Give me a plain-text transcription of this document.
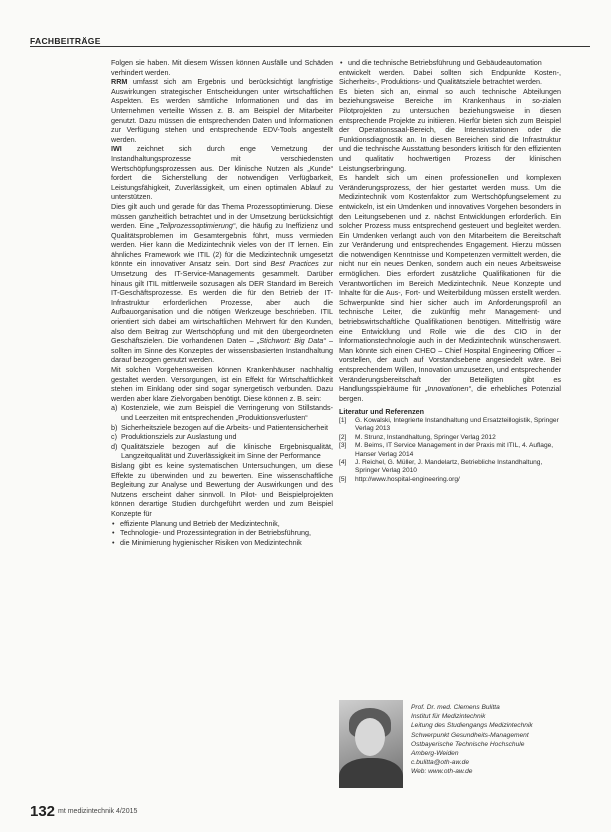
FACHBEITRÄGE

Folgen sie haben. Mit diesem Wissen können Ausfälle und Schäden verhindert werden.

RRM umfasst sich am Ergebnis und berücksichtigt langfristige Auswirkungen strategischer Entscheidungen unter wirtschaftlichen Aspekten. Es werden sämtliche Informationen und das im Unternehmen verteilte Wissen z. B. am Beispiel der Mitarbeiter genutzt. Dazu müssen die entsprechenden Daten und Informationen zur Verfügung stehen und entsprechende EDV-Tools angestellt werden.

IWI zeichnet sich durch enge Vernetzung der Instandhaltungsprozesse mit verschiedensten Wertschöpfungsprozessen aus. Der klinische Nutzen als „Kunde“ fordert die Sicherstellung der notwendigen Verfügbarkeit, Leistungsfähigkeit, Zuverlässigkeit, um einen optimalen Ablauf zu unterstützen.

Dies gilt auch und gerade für das Thema Prozessoptimierung. Diese müssen ganzheitlich betrachtet und in der Umsetzung berücksichtigt werden. Eine „Teilprozessoptimierung“, die häufig zu Ineffizienz und Qualitätsproblemen im Gesamtergebnis führt, muss vermieden werden. Hier kann die Medizintechnik vieles von der IT lernen. Ein ähnliches Framework wie ITIL (2) für die Medizintechnik umgesetzt könnte ein innovativer Ansatz sein. Dort sind Best Practices zur Umsetzung des IT-Service-Managements gesammelt. Darüber hinaus gilt ITIL mittlerweile sozusagen als DER Standard im Bereich IT-Geschäftsprozesse. Es werden die für den Betrieb der IT-Infrastruktur erforderlichen Prozesse, aber auch die Aufbauorganisation und die nötigen Werkzeuge beschrieben. ITIL orientiert sich dabei am wirtschaftlichen Mehrwert für den Kunden, also dem Beitrag zur Wertschöpfung und mit den übergeordneten Geschäftszielen. Die vorhandenen Daten – „Stichwort: Big Data“ – sollten im Sinne des Konzeptes der wissensbasierten Instandhaltung darauf bezogen genutzt werden.

Mit solchen Vorgehensweisen können Krankenhäuser nachhaltig gestaltet werden. Versorgungen, ist ein Effekt für Wirtschaftlichkeit stehen im Einklang oder sind sogar synergetisch verbunden. Dazu werden aber klare Zielvorgaben benötigt. Diese können z. B. sein:

a) Kostenziele, wie zum Beispiel die Verringerung von Stillstands- und Leerzeiten mit entsprechenden „Produktionsverlusten“
b) Sicherheitsziele bezogen auf die Arbeits- und Patientensicherheit
c) Produktionsziels zur Auslastung und
d) Qualitätsziele bezogen auf die klinische Ergebnisqualität, Langzeitqualität und Zuverlässigkeit im Sinne der Performance

Bislang gibt es keine systematischen Untersuchungen, um diese Effekte zu überwinden und zu bewerten. Eine wissenschaftliche Begleitung zur Analyse und Bewertung der Auswirkungen und des Nutzens erscheint daher sinnvoll. In Pilot- und Beispielprojekten können derartige Studien durchgeführt werden und zum Beispiel Konzepte für

• effiziente Planung und Betrieb der Medizintechnik,
• Technologie- und Prozessintegration in der Betriebsführung,
• die Minimierung hygienischer Risiken von Medizintechnik
• und die technische Betriebsführung und Gebäudeautomation

entwickelt werden. Dabei sollten sich Endpunkte Kosten-, Sicherheits-, Produktions- und Qualitätsziele betrachtet werden.

Es bieten sich an, einmal so auch technische Abteilungen beziehungsweise Bereiche im Krankenhaus in so-zialen Pilotprojekten zu untersuchen beziehungsweise in diesen entsprechende Projekte zu initiieren. Hierfür bieten sich zum Beispiel der Operationssaal-Bereich, die Intensivstationen oder die Funktionsdiagnostik an. In diesen Bereichen sind die Infrastruktur und die technische Ausstattung besonders kritisch für den effizienten und qualitativ hochwertigen Prozess der klinischen Leistungserbringung.

Es handelt sich um einen professionellen und komplexen Veränderungsprozess, der hier gestartet werden muss. Um die Medizintechnik vom Kostenfaktor zum Wertschöpfungselement zu entwickeln, ist ein Umdenken und innovatives Vorgehen besonders in den Leitungsebenen und z. nächst Entwicklungen erforderlich. Ein solcher Prozess muss entsprechend gesteuert und begleitet werden. Ein Umdenken verlangt auch von den Mitarbeitern die Bereitschaft zur Veränderung und entsprechendes Engagement. Hierzu müssen die notwendigen Kenntnisse und Kompetenzen vermittelt werden, die nicht nur ein neues Denken, sondern auch ein neues Arbeitsweise ermöglichen. Dies erfordert zusätzliche Qualifikationen für die Verantwortlichen im Bereich Medizintechnik. Neue Konzepte und Inhalte für die Aus-, Fort- und Weiterbildung müssen erstellt werden. Schwerpunkte sind hier sicher auch im Anforderungsprofil an technische Leiter, die zukünftig mehr Management- und betriebswirtschaftliche Qualifikationen benötigen. Mittelfristig wäre eine Entwicklung und Rolle wie die des CIO in der Informationstechnologie auch in der Medizintechnik wünschenswert. Man könnte sich einen CHEO – Chief Hospital Engineering Officer – vorstellen, der auch auf Vorstandsebene angesiedelt wäre. Bei entsprechendem Willen, Innovation umzusetzen, und entsprechender Veränderungsbereitschaft der Beteiligten gibt es Handlungsspielräume für „Innovationen“, die erhebliches Potenzial bergen.

Literatur und Referenzen

[1] G. Kowalski, Integrierte Instandhaltung und Ersatzteillogistik, Springer Verlag 2013
[2] M. Strunz, Instandhaltung, Springer Verlag 2012
[3] M. Beims, IT Service Management in der Praxis mit ITIL, 4. Auflage, Hanser Verlag 2014
[4] J. Reichel, G. Müller, J. Mandelartz, Betriebliche Instandhaltung, Springer Verlag 2010
[5] http://www.hospital-engineering.org/
Prof. Dr. med. Clemens Bulitta
Institut für Medizintechnik
Leitung des Studiengangs Medizintechnik
Schwerpunkt Gesundheits-Management
Ostbayerische Technische Hochschule
Amberg-Weiden
c.bulitta@oth-aw.de
Web: www.oth-aw.de
132 mt medizintechnik 4/2015
